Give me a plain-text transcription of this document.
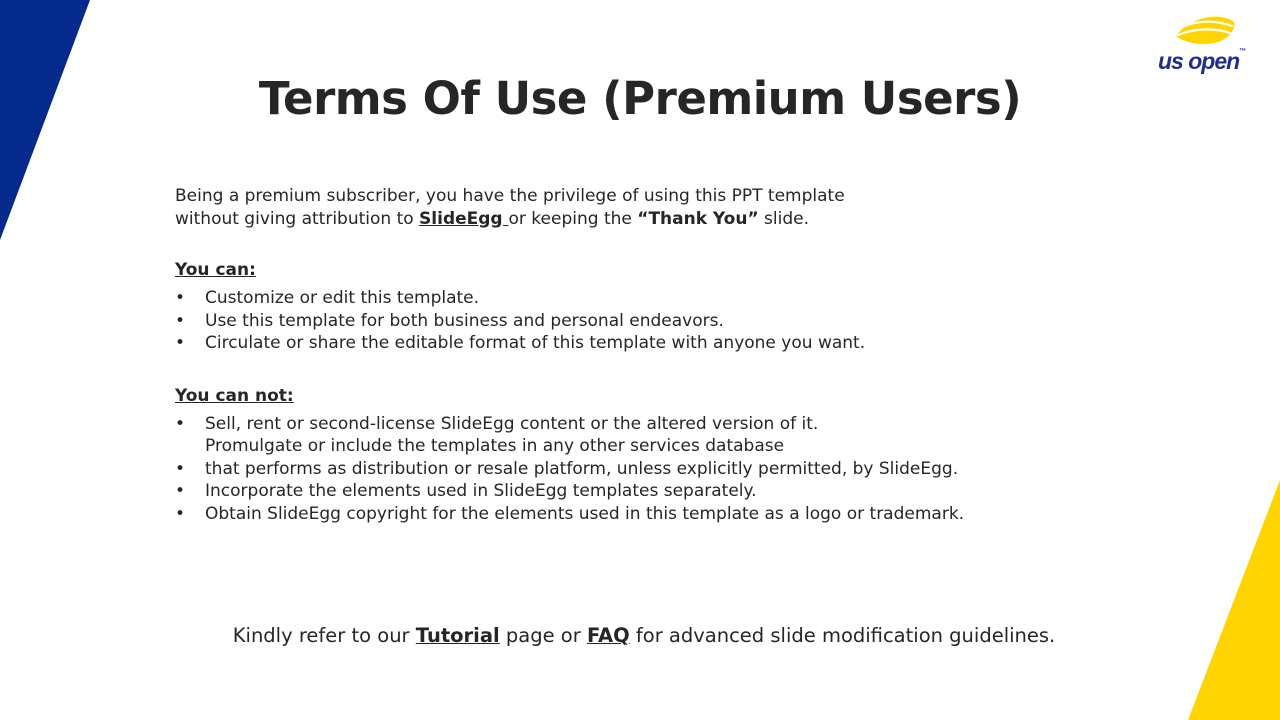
us open™
Terms Of Use (Premium Users)

Being a premium subscriber, you have the privilege of using this PPT template
without giving attribution to SlideEgg or keeping the “Thank You” slide.

You can:
• Customize or edit this template.
• Use this template for both business and personal endeavors.
• Circulate or share the editable format of this template with anyone you want.
You can not:
• Sell, rent or second-license SlideEgg content or the altered version of it.
Promulgate or include the templates in any other services database
• that performs as distribution or resale platform, unless explicitly permitted, by SlideEgg.
• Incorporate the elements used in SlideEgg templates separately.
• Obtain SlideEgg copyright for the elements used in this template as a logo or trademark.
Kindly refer to our Tutorial page or FAQ for advanced slide modification guidelines.
